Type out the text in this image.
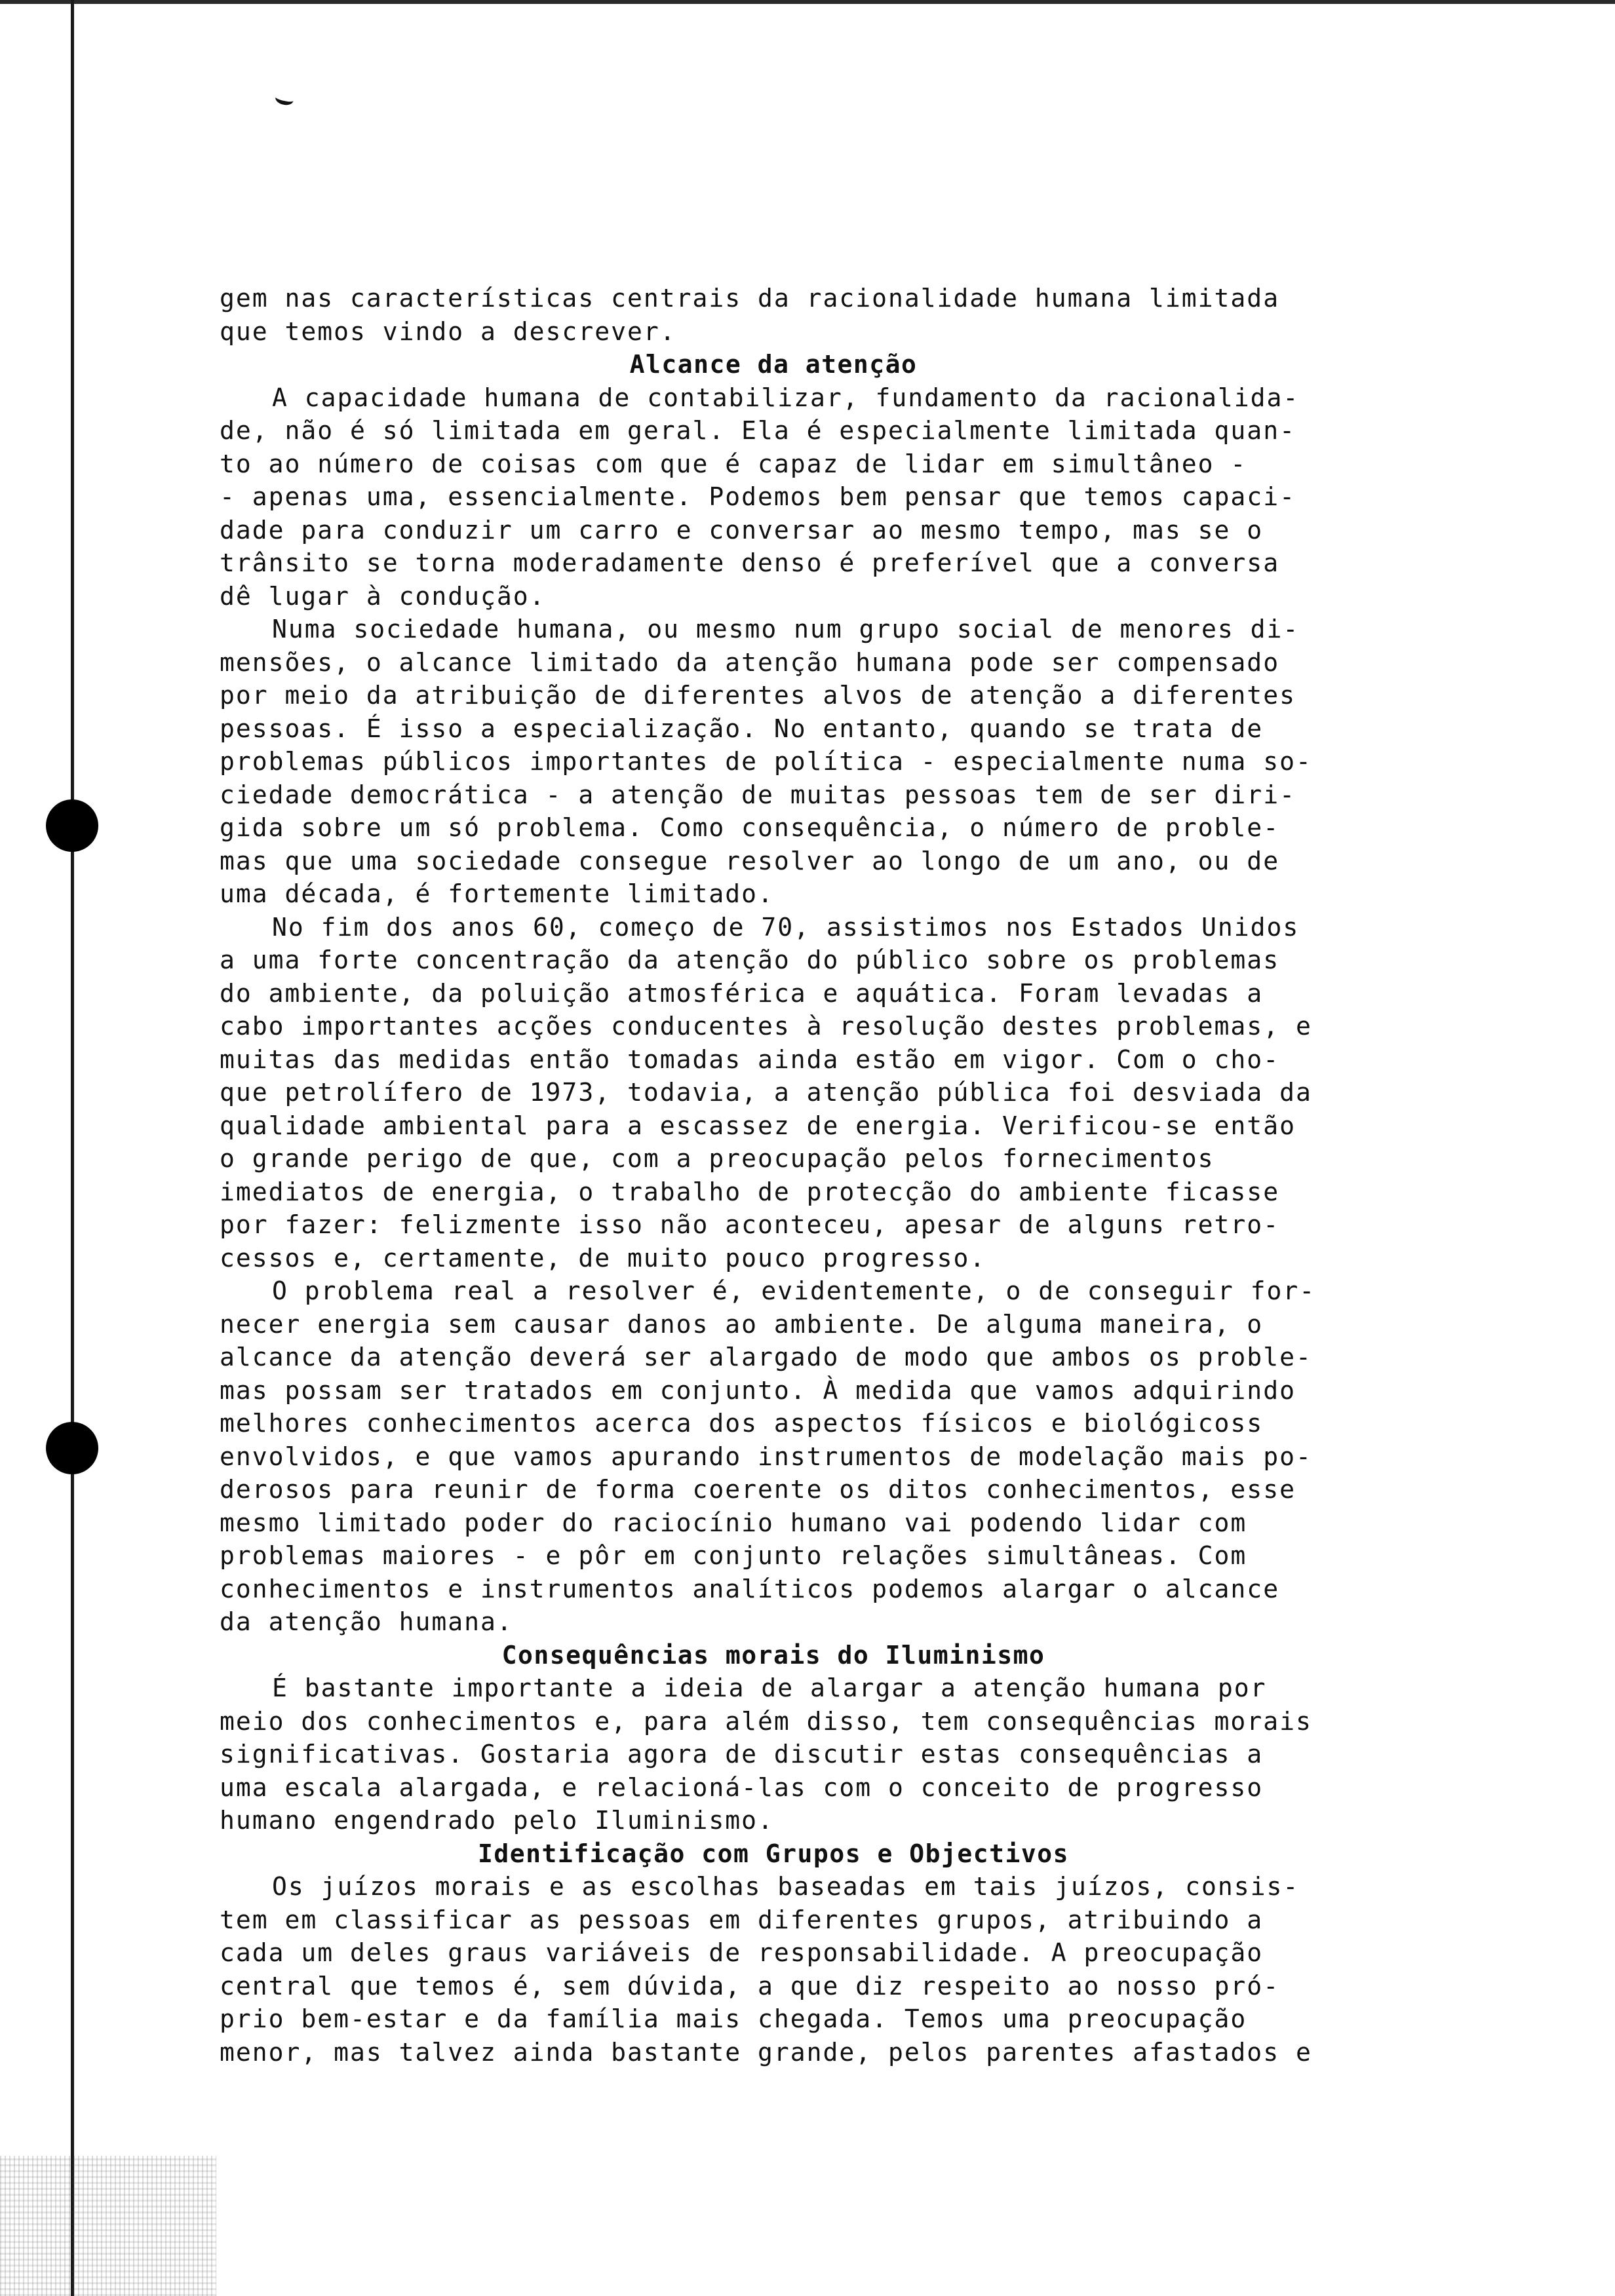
gem nas características centrais da racionalidade humana limitada
que temos vindo a descrever.
Alcance da atenção
A capacidade humana de contabilizar, fundamento da racionalida-
de, não é só limitada em geral. Ela é especialmente limitada quan-
to ao número de coisas com que é capaz de lidar em simultâneo -
- apenas uma, essencialmente. Podemos bem pensar que temos capaci-
dade para conduzir um carro e conversar ao mesmo tempo, mas se o
trânsito se torna moderadamente denso é preferível que a conversa
dê lugar à condução.
Numa sociedade humana, ou mesmo num grupo social de menores di-
mensões, o alcance limitado da atenção humana pode ser compensado
por meio da atribuição de diferentes alvos de atenção a diferentes
pessoas. É isso a especialização. No entanto, quando se trata de
problemas públicos importantes de política - especialmente numa so-
ciedade democrática - a atenção de muitas pessoas tem de ser diri-
gida sobre um só problema. Como consequência, o número de proble-
mas que uma sociedade consegue resolver ao longo de um ano, ou de
uma década, é fortemente limitado.
No fim dos anos 60, começo de 70, assistimos nos Estados Unidos
a uma forte concentração da atenção do público sobre os problemas
do ambiente, da poluição atmosférica e aquática. Foram levadas a
cabo importantes acções conducentes à resolução destes problemas, e
muitas das medidas então tomadas ainda estão em vigor. Com o cho-
que petrolífero de 1973, todavia, a atenção pública foi desviada da
qualidade ambiental para a escassez de energia. Verificou-se então
o grande perigo de que, com a preocupação pelos fornecimentos
imediatos de energia, o trabalho de protecção do ambiente ficasse
por fazer: felizmente isso não aconteceu, apesar de alguns retro-
cessos e, certamente, de muito pouco progresso.
O problema real a resolver é, evidentemente, o de conseguir for-
necer energia sem causar danos ao ambiente. De alguma maneira, o
alcance da atenção deverá ser alargado de modo que ambos os proble-
mas possam ser tratados em conjunto. À medida que vamos adquirindo
melhores conhecimentos acerca dos aspectos físicos e biológicoss
envolvidos, e que vamos apurando instrumentos de modelação mais po-
derosos para reunir de forma coerente os ditos conhecimentos, esse
mesmo limitado poder do raciocínio humano vai podendo lidar com
problemas maiores - e pôr em conjunto relações simultâneas. Com
conhecimentos e instrumentos analíticos podemos alargar o alcance
da atenção humana.
Consequências morais do Iluminismo
É bastante importante a ideia de alargar a atenção humana por
meio dos conhecimentos e, para além disso, tem consequências morais
significativas. Gostaria agora de discutir estas consequências a
uma escala alargada, e relacioná-las com o conceito de progresso
humano engendrado pelo Iluminismo.
Identificação com Grupos e Objectivos
Os juízos morais e as escolhas baseadas em tais juízos, consis-
tem em classificar as pessoas em diferentes grupos, atribuindo a
cada um deles graus variáveis de responsabilidade. A preocupação
central que temos é, sem dúvida, a que diz respeito ao nosso pró-
prio bem-estar e da família mais chegada. Temos uma preocupação
menor, mas talvez ainda bastante grande, pelos parentes afastados e
